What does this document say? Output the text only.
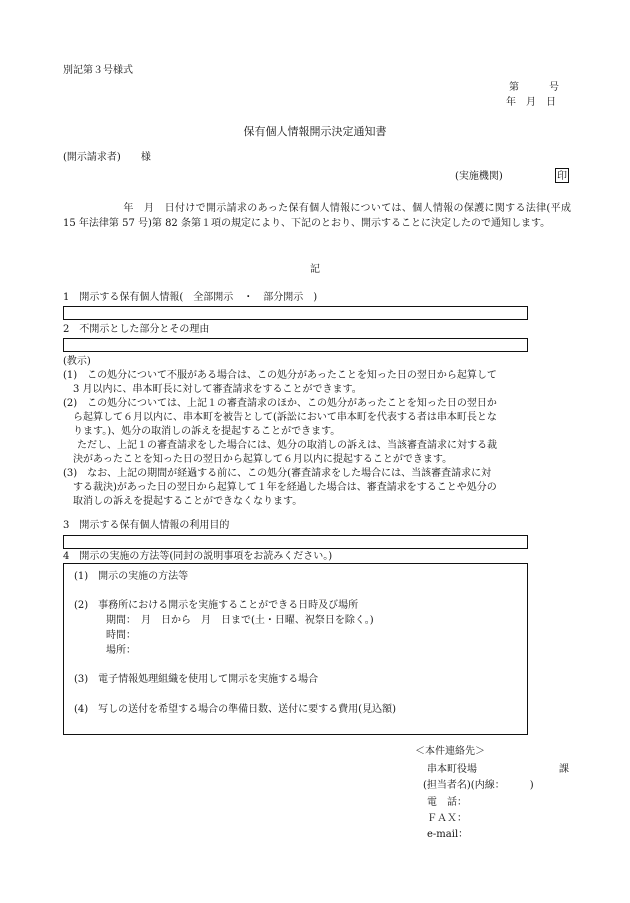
別記第３号様式
第　　　号
年　月　日
保有個人情報開示決定通知書
(開示請求者) 様
(実施機関)	印
年　月　日付けで開示請求のあった保有個人情報については、個人情報の保護に関する法律(平成 15 年法律第 57 号)第 82 条第１項の規定により、下記のとおり、開示することに決定したので通知します。
記
1　開示する保有個人情報(　全部開示　・　部分開示　)
2　不開示とした部分とその理由
(教示)
(1)　この処分について不服がある場合は、この処分があったことを知った日の翌日から起算して
3 月以内に、串本町長に対して審査請求をすることができます。
(2)　この処分については、上記１の審査請求のほか、この処分があったことを知った日の翌日か
ら起算して６月以内に、串本町を被告として(訴訟において串本町を代表する者は串本町長とな
ります。)、処分の取消しの訴えを提起することができます。
ただし、上記１の審査請求をした場合には、処分の取消しの訴えは、当該審査請求に対する裁
決があったことを知った日の翌日から起算して６月以内に提起することができます。
(3)　なお、上記の期間が経過する前に、この処分(審査請求をした場合には、当該審査請求に対
する裁決)があった日の翌日から起算して１年を経過した場合は、審査請求をすることや処分の
取消しの訴えを提起することができなくなります。
3　開示する保有個人情報の利用目的
4　開示の実施の方法等(同封の説明事項をお読みください。)
(1)　開示の実施の方法等
(2)　事務所における開示を実施することができる日時及び場所
期間：　月　日から　月　日まで(土・日曜、祝祭日を除く。)
時間：
場所：
(3)　電子情報処理組織を使用して開示を実施する場合
(4)　写しの送付を希望する場合の準備日数、送付に要する費用(見込額)
＜本件連絡先＞
串本町役場	課
(担当者名)(内線：　　　)
電　話：
ＦＡＸ：
e-mail：
